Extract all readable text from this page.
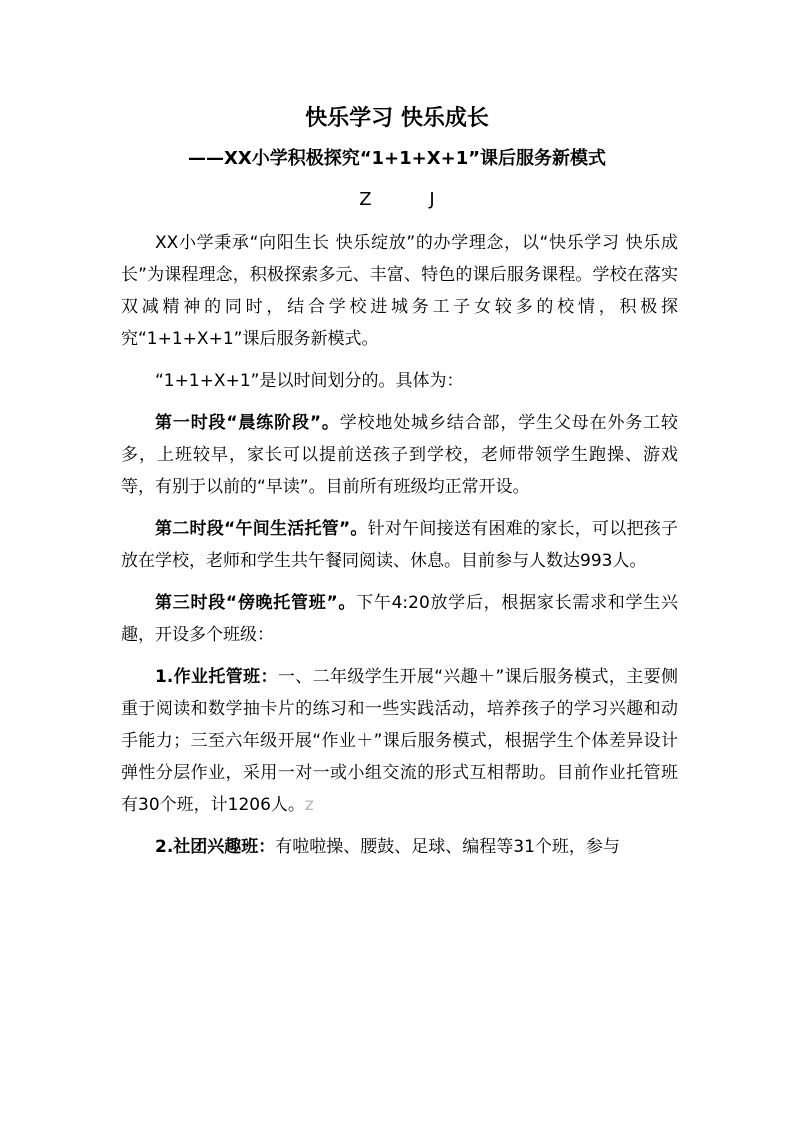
快乐学习 快乐成长
——XX小学积极探究“1+1+X+1”课后服务新模式
Z	J

XX小学秉承“向阳生长 快乐绽放”的办学理念，以“快乐学习 快乐成长”为课程理念，积极探索多元、丰富、特色的课后服务课程。学校在落实双减精神的同时，结合学校进城务工子女较多的校情，积极探究“1+1+X+1”课后服务新模式。

“1+1+X+1”是以时间划分的。具体为：

第一时段“晨练阶段”。学校地处城乡结合部，学生父母在外务工较多，上班较早，家长可以提前送孩子到学校，老师带领学生跑操、游戏等，有别于以前的“早读”。目前所有班级均正常开设。

第二时段“午间生活托管”。针对午间接送有困难的家长，可以把孩子放在学校，老师和学生共午餐同阅读、休息。目前参与人数达993人。

第三时段“傍晚托管班”。下午4:20放学后，根据家长需求和学生兴趣，开设多个班级：

1.作业托管班：一、二年级学生开展“兴趣＋”课后服务模式，主要侧重于阅读和数学抽卡片的练习和一些实践活动，培养孩子的学习兴趣和动手能力；三至六年级开展“作业＋”课后服务模式，根据学生个体差异设计弹性分层作业，采用一对一或小组交流的形式互相帮助。目前作业托管班有30个班，计1206人。z

2.社团兴趣班：有啦啦操、腰鼓、足球、编程等31个班，参与
